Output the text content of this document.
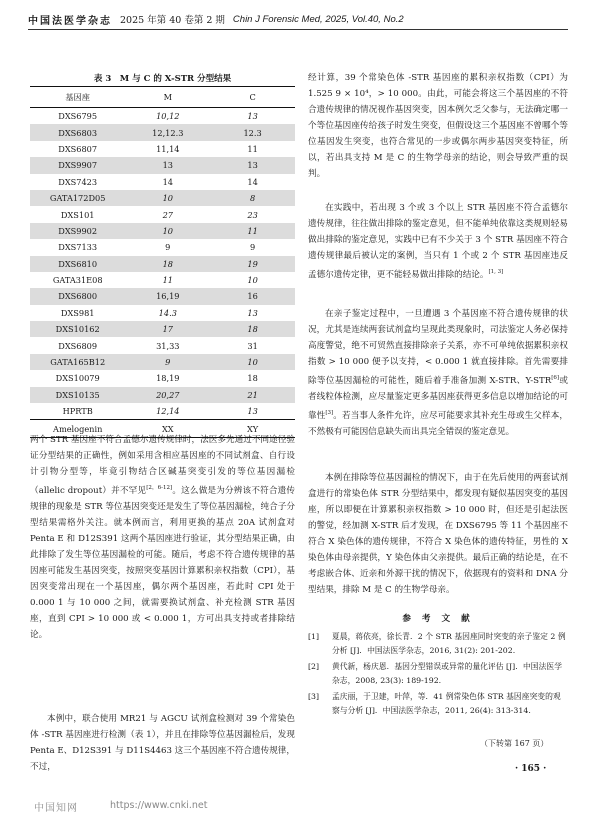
中国法医学杂志 2025 年第 40 卷第 2 期 Chin J Forensic Med, 2025, Vol.40, No.2
表 3　M 与 C 的 X-STR 分型结果
基因座	M	C
DXS6795	10,12	13
DXS6803	12,12.3	12.3
DXS6807	11,14	11
DXS9907	13	13
DXS7423	14	14
GATA172D05	10	8
DXS101	27	23
DXS9902	10	11
DXS7133	9	9
DXS6810	18	19
GATA31E08	11	10
DXS6800	16,19	16
DXS981	14.3	13
DXS10162	17	18
DXS6809	31,33	31
GATA165B12	9	10
DXS10079	18,19	18
DXS10135	20,27	21
HPRTB	12,14	13
Amelogenin	XX	XY
两个 STR 基因座不符合孟德尔遗传规律时，法医多先通过不同途径验证分型结果的正确性，例如采用含相应基因座的不同试剂盒、自行设计引物分型等，毕竟引物结合区碱基突变引发的等位基因漏检（allelic dropout）并不罕见[2，6-12]。这么做是为分辨该不符合遗传规律的现象是 STR 等位基因突变还是发生了等位基因漏检，纯合子分型结果需格外关注。就本例而言，利用更换的基点 20A 试剂盒对 Penta E 和 D12S391 这两个基因座进行验证，其分型结果正确，由此排除了发生等位基因漏检的可能。随后，考虑不符合遗传规律的基因座可能发生基因突变，按照突变基因计算累积亲权指数（CPI），基因突变常出现在一个基因座，偶尔两个基因座，若此时 CPI 处于 0.000 1 与 10 000 之间，就需要换试剂盒、补充检测 STR 基因座，直到 CPI > 10 000 或 < 0.000 1，方可出具支持或者排除结论。
本例中，联合使用 MR21 与 AGCU 试剂盒检测对 39 个常染色体 -STR 基因座进行检测（表 1），并且在排除等位基因漏检后，发现 Penta E、D12S391 与 D11S4463 这三个基因座不符合遗传规律，不过，
经计算，39 个常染色体 -STR 基因座的累积亲权指数（CPI）为 1.525 9 × 10⁴，> 10 000。由此，可能会将这三个基因座的不符合遗传规律的情况视作基因突变，因本例欠乏父参与，无法确定哪一个等位基因座传给孩子时发生突变，但假设这三个基因座不曾哪个等位基因发生突变，也符合常见的一步或偶尔两步基因突变特征，所以，若出具支持 M 是 C 的生物学母亲的结论，则会导致严重的误判。
在实践中，若出现 3 个或 3 个以上 STR 基因座不符合孟德尔遗传规律，往往做出排除的鉴定意见，但不能单纯依靠这类规则轻易做出排除的鉴定意见，实践中已有不少关于 3 个 STR 基因座不符合遗传规律最后被认定的案例，当只有 1 个或 2 个 STR 基因座违反孟德尔遗传定律，更不能轻易做出排除的结论。[1, 3]
在亲子鉴定过程中，一旦遭遇 3 个基因座不符合遗传规律的状况，尤其是连续两套试剂盒均呈现此类现象时，司法鉴定人务必保持高度警觉，绝不可贸然直接排除亲子关系，亦不可单纯依据累积亲权指数 > 10 000 便予以支持，< 0.000 1 就直接排除。首先需要排除等位基因漏检的可能性，随后着手准备加测 X-STR、Y-STR[6]或者线粒体检测，应尽量鉴定更多基因座获得更多信息以增加结论的可靠性[3]。若当事人条件允许，应尽可能要求其补充生母或生父样本，不然极有可能因信息缺失而出具完全错误的鉴定意见。
本例在排除等位基因漏检的情况下，由于在先后使用的两套试剂盒进行的常染色体 STR 分型结果中，都发现有疑似基因突变的基因座，所以即便在计算累积亲权指数 > 10 000 时，但还是引起法医的警觉，经加测 X-STR 后才发现，在 DXS6795 等 11 个基因座不符合 X 染色体的遗传规律，不符合 X 染色体的遗传特征，男性的 X 染色体由母亲提供，Y 染色体由父亲提供。最后正确的结论是，在不考虑嵌合体、近亲和外源干扰的情况下，依据现有的资料和 DNA 分型结果，排除 M 是 C 的生物学母亲。
参 考 文 献
[1]	夏晨，蒋依亮，徐长青．2 个 STR 基因座同时突变的亲子鉴定 2 例分析 [J]．中国法医学杂志，2016, 31(2): 201-202.
[2]	黄代新，杨庆恩．基因分型错误或异常的量化评估 [J]．中国法医学杂志，2008, 23(3): 189-192.
[3]	孟庆丽，于卫建，叶萍，等．41 例常染色体 STR 基因座突变的观察与分析 [J]．中国法医学杂志，2011, 26(4): 313-314.
（下转第 167 页）
· 165 ·
中国知网	https://www.cnki.net
